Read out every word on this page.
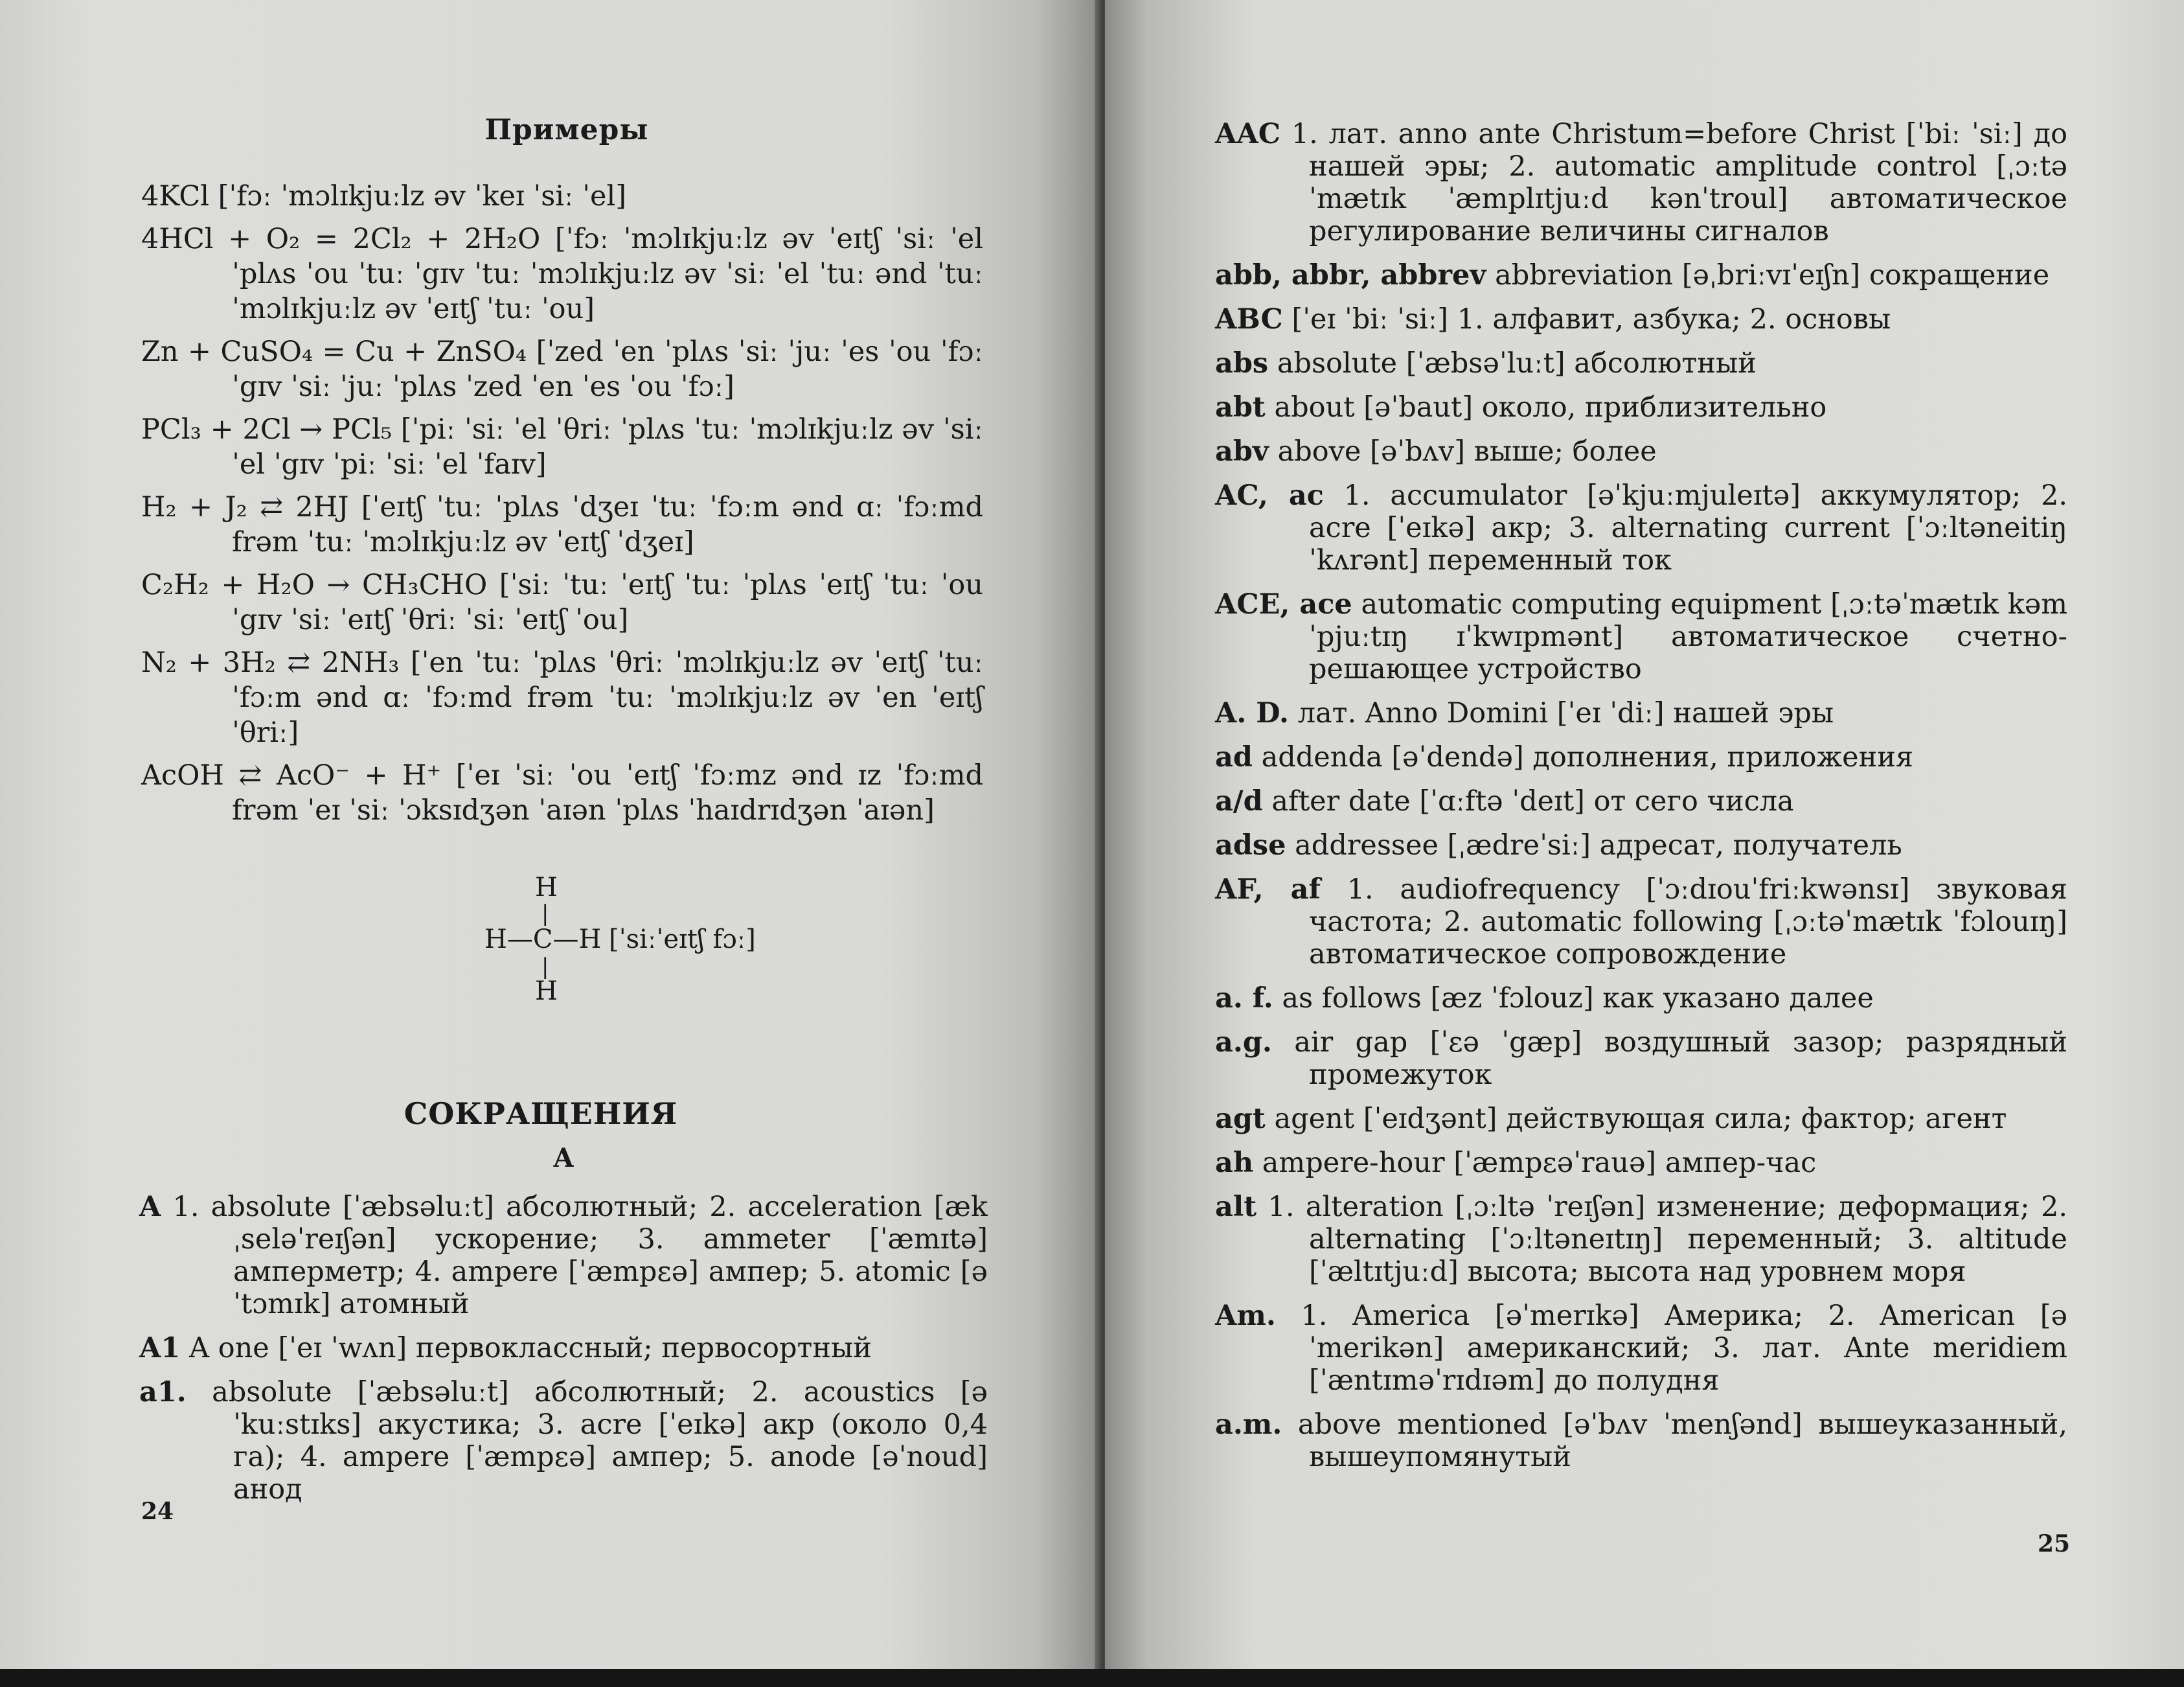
Примеры
4KCl [ˈfɔː ˈmɔlɪkjuːlz əv ˈkeɪ ˈsiː ˈel]
4HCl + O₂ = 2Cl₂ + 2H₂O [ˈfɔː ˈmɔlɪkjuːlz əv ˈeɪtʃ ˈsiː ˈel ˈplʌs ˈou ˈtuː ˈgɪv ˈtuː ˈmɔlɪkjuːlz əv ˈsiː ˈel ˈtuː ənd ˈtuː ˈmɔlɪkjuːlz əv ˈeɪtʃ ˈtuː ˈou]
Zn + CuSO₄ = Cu + ZnSO₄ [ˈzed ˈen ˈplʌs ˈsiː ˈjuː ˈes ˈou ˈfɔː ˈgɪv ˈsiː ˈjuː ˈplʌs ˈzed ˈen ˈes ˈou ˈfɔː]
PCl₃ + 2Cl → PCl₅ [ˈpiː ˈsiː ˈel ˈθriː ˈplʌs ˈtuː ˈmɔlɪkjuːlz əv ˈsiː ˈel ˈgɪv ˈpiː ˈsiː ˈel ˈfaɪv]
H₂ + J₂ ⇄ 2HJ [ˈeɪtʃ ˈtuː ˈplʌs ˈdʒeɪ ˈtuː ˈfɔːm ənd ɑː ˈfɔːmd frəm ˈtuː ˈmɔlɪkjuːlz əv ˈeɪtʃ ˈdʒeɪ]
C₂H₂ + H₂O → CH₃CHO [ˈsiː ˈtuː ˈeɪtʃ ˈtuː ˈplʌs ˈeɪtʃ ˈtuː ˈou ˈgɪv ˈsiː ˈeɪtʃ ˈθriː ˈsiː ˈeɪtʃ ˈou]
N₂ + 3H₂ ⇄ 2NH₃ [ˈen ˈtuː ˈplʌs ˈθriː ˈmɔlɪkjuːlz əv ˈeɪtʃ ˈtuː ˈfɔːm ənd ɑː ˈfɔːmd frəm ˈtuː ˈmɔlɪkjuːlz əv ˈen ˈeɪtʃ ˈθriː]
AcOH ⇄ AcO⁻ + H⁺ [ˈeɪ ˈsiː ˈou ˈeɪtʃ ˈfɔːmz ənd ɪz ˈfɔːmd frəm ˈeɪ ˈsiː ˈɔksɪdʒən ˈaɪən ˈplʌs ˈhaɪdrɪdʒən ˈaɪən]
H
|
H—C—H [ˈsiːˈeɪtʃ fɔː]
|
H
СОКРАЩЕНИЯ
A
A 1. absolute [ˈæbsəluːt] абсолютный; 2. acceleration [ækˌseləˈreɪʃən] ускорение; 3. ammeter [ˈæmɪtə] амперметр; 4. ampere [ˈæmpɛə] ампер; 5. atomic [əˈtɔmɪk] атомный
A1 A one [ˈeɪ ˈwʌn] первоклассный; первосортный
a1. absolute [ˈæbsəluːt] абсолютный; 2. acoustics [əˈkuːstɪks] акустика; 3. acre [ˈeɪkə] акр (около 0,4 га); 4. ampere [ˈæmpɛə] ампер; 5. anode [əˈnoud] анод
24
AAC 1. лат. anno ante Christum=before Christ [ˈbiː ˈsiː] до нашей эры; 2. automatic amplitude control [ˌɔːtəˈmætɪk ˈæmplɪtjuːd kənˈtroul] автоматическое регулирование величины сигналов
abb, abbr, abbrev abbreviation [əˌbriːvɪˈeɪʃn] сокращение
ABC [ˈeɪ ˈbiː ˈsiː] 1. алфавит, азбука; 2. основы
abs absolute [ˈæbsəˈluːt] абсолютный
abt about [əˈbaut] около, приблизительно
abv above [əˈbʌv] выше; более
AC, ac 1. accumulator [əˈkjuːmjuleɪtə] аккумулятор; 2. acre [ˈeɪkə] акр; 3. alternating current [ˈɔːltəneitiŋ ˈkʌrənt] переменный ток
ACE, ace automatic computing equipment [ˌɔːtəˈmætɪk kəmˈpjuːtɪŋ ɪˈkwɪpmənt] автоматическое счетно-решающее устройство
A. D. лат. Anno Domini [ˈeɪ ˈdiː] нашей эры
ad addenda [əˈdendə] дополнения, приложения
a/d after date [ˈɑːftə ˈdeɪt] от сего числа
adse addressee [ˌædreˈsiː] адресат, получатель
AF, af 1. audiofrequency [ˈɔːdɪouˈfriːkwənsɪ] звуковая частота; 2. automatic following [ˌɔːtəˈmætɪk ˈfɔlouɪŋ] автоматическое сопровождение
a. f. as follows [æz ˈfɔlouz] как указано далее
a.g. air gap [ˈɛə ˈgæp] воздушный зазор; разрядный промежуток
agt agent [ˈeɪdʒənt] действующая сила; фактор; агент
ah ampere-hour [ˈæmpɛəˈrauə] ампер-час
alt 1. alteration [ˌɔːltə ˈreɪʃən] изменение; деформация; 2. alternating [ˈɔːltəneɪtɪŋ] переменный; 3. altitude [ˈæltɪtjuːd] высота; высота над уровнем моря
Am. 1. America [əˈmerɪkə] Америка; 2. American [əˈmerikən] американский; 3. лат. Ante meridiem [ˈæntɪməˈrɪdɪəm] до полудня
a.m. above mentioned [əˈbʌv ˈmenʃənd] вышеуказанный, вышеупомянутый
25
